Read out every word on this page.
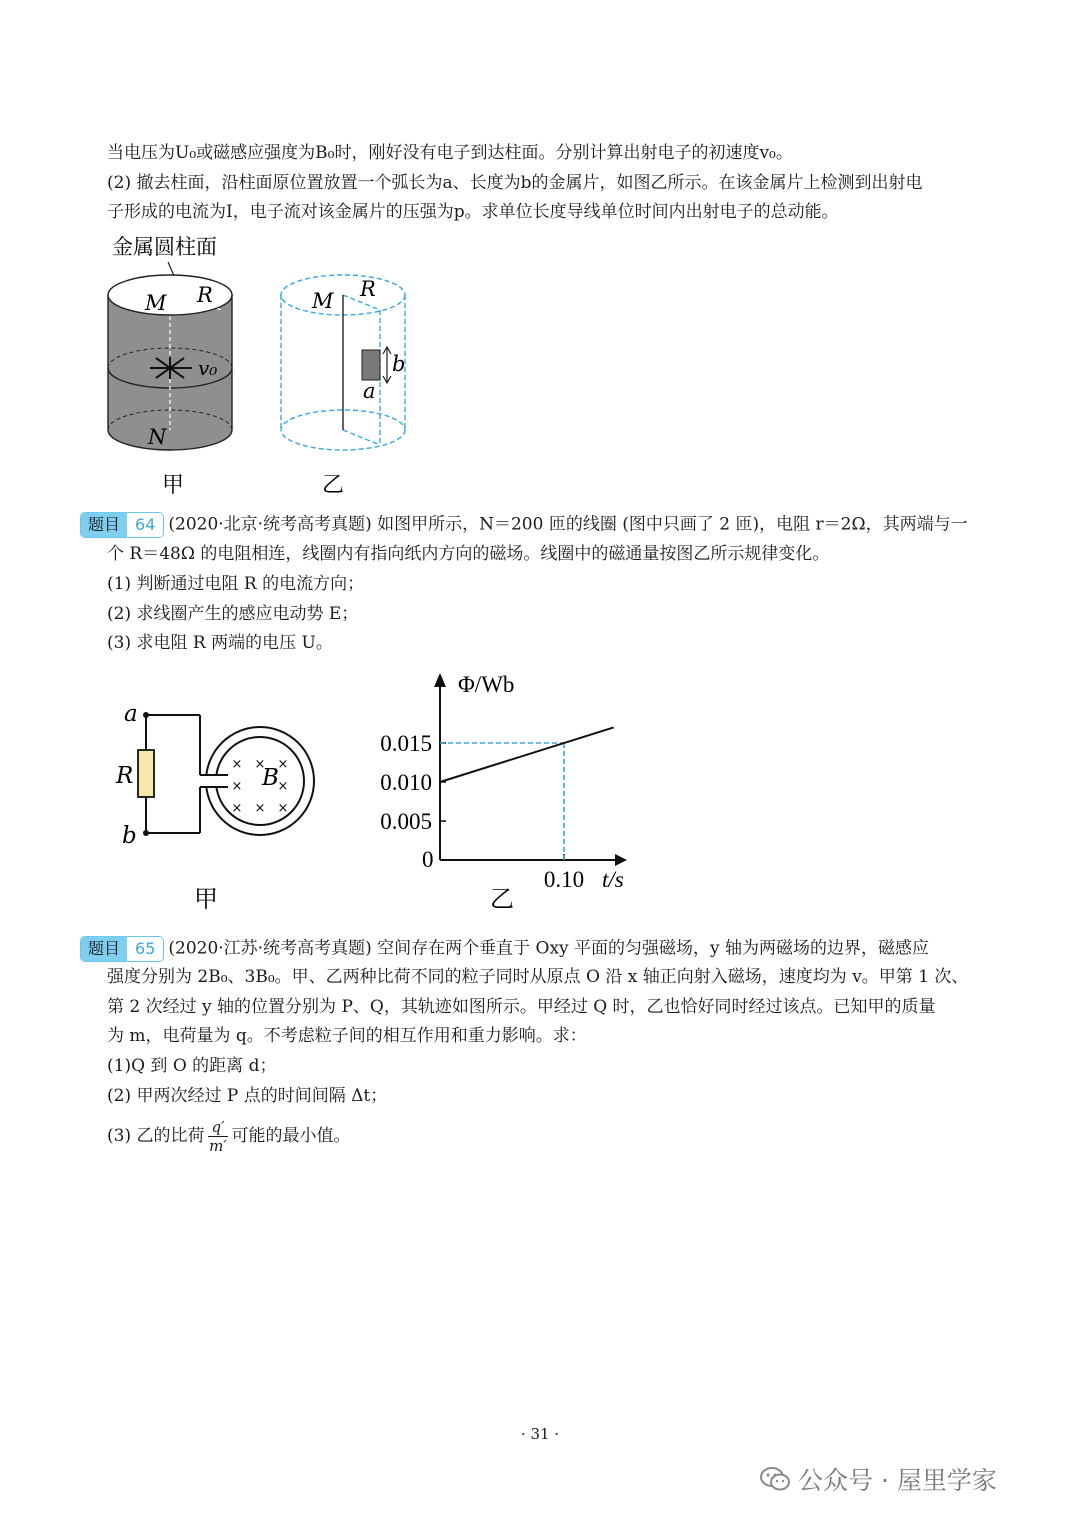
当电压为U₀或磁感应强度为B₀时，刚好没有电子到达柱面。分别计算出射电子的初速度v₀。
(2) 撤去柱面，沿柱面原位置放置一个弧长为a、长度为b的金属片，如图乙所示。在该金属片上检测到出射电
子形成的电流为I，电子流对该金属片的压强为p。求单位长度导线单位时间内出射电子的总动能。
金属圆柱面
M R
N
v₀
甲
M R
b
a
乙
题目 64 (2020·北京·统考高考真题) 如图甲所示，N＝200 匝的线圈 (图中只画了 2 匝)，电阻 r＝2Ω，其两端与一
个 R＝48Ω 的电阻相连，线圈内有指向纸内方向的磁场。线圈中的磁通量按图乙所示规律变化。
(1) 判断通过电阻 R 的电流方向；
(2) 求线圈产生的感应电动势 E；
(3) 求电阻 R 两端的电压 U。
× × ×
×	×
× × ×
a
b
R	B
甲	乙
Φ/Wb
t/s
0
0.015
0.010
0.005
0.10
题目 65 (2020·江苏·统考高考真题) 空间存在两个垂直于 Oxy 平面的匀强磁场，y 轴为两磁场的边界，磁感应
强度分别为 2B₀、3B₀。甲、乙两种比荷不同的粒子同时从原点 O 沿 x 轴正向射入磁场，速度均为 v。甲第 1 次、
第 2 次经过 y 轴的位置分别为 P、Q，其轨迹如图所示。甲经过 Q 时，乙也恰好同时经过该点。已知甲的质量
为 m，电荷量为 q。不考虑粒子间的相互作用和重力影响。求：
(1)Q 到 O 的距离 d；
(2) 甲两次经过 P 点的时间间隔 Δt；
(3) 乙的比荷 $\frac{q'}{m'}$ 可能的最小值。
· 31 ·
公众号 · 屋里学家
